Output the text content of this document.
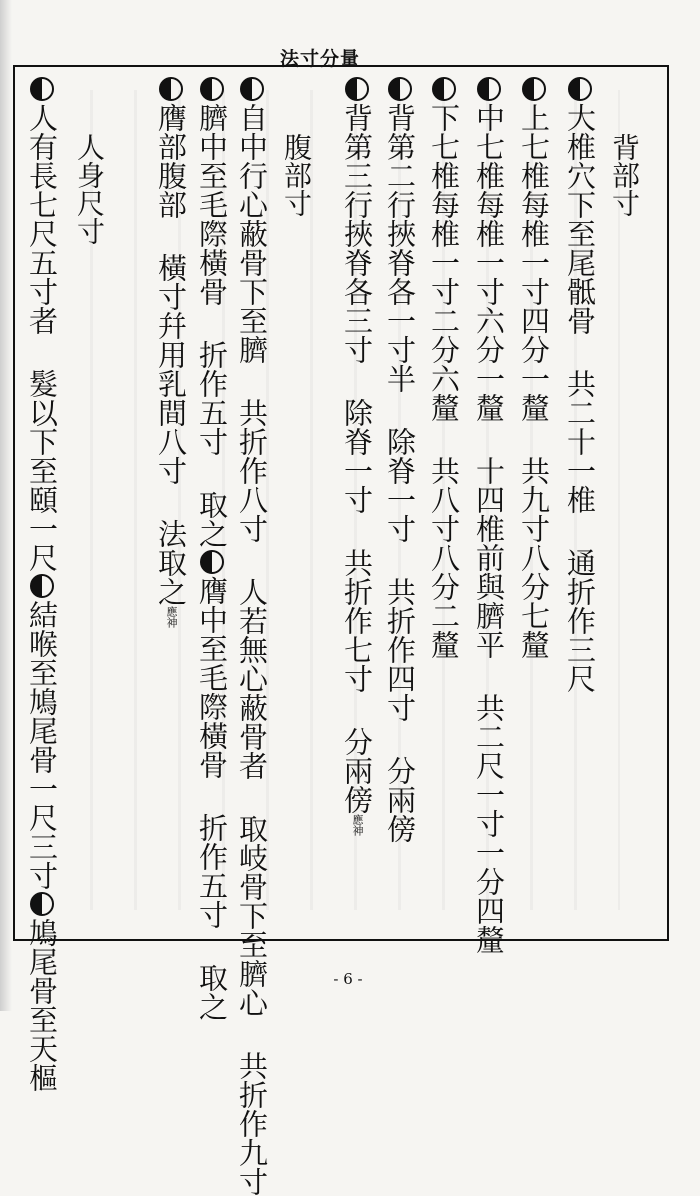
法寸分量
背部寸
大椎穴下至尾骶骨 共二十一椎 通折作三尺
上七椎每椎一寸四分一釐 共九寸八分七釐
中七椎每椎一寸六分一釐 十四椎前與臍平 共二尺一寸一分四釐
下七椎每椎一寸二分六釐 共八寸八分二釐
背第二行挾脊各一寸半 除脊一寸 共折作四寸 分兩傍
背第三行挾脊各三寸 除脊一寸 共折作七寸 分兩傍應神
腹部寸
自中行心蔽骨下至臍 共折作八寸 人若無心蔽骨者 取岐骨下至臍心 共折作九寸
臍中至毛際橫骨 折作五寸 取之膺中至毛際橫骨 折作五寸 取之
膺部腹部 橫寸幷用乳間八寸 法取之應神
人身尺寸
人有長七尺五寸者 髮以下至頤一尺結喉至鳩尾骨一尺三寸鳩尾骨至天樞	- 6 -
